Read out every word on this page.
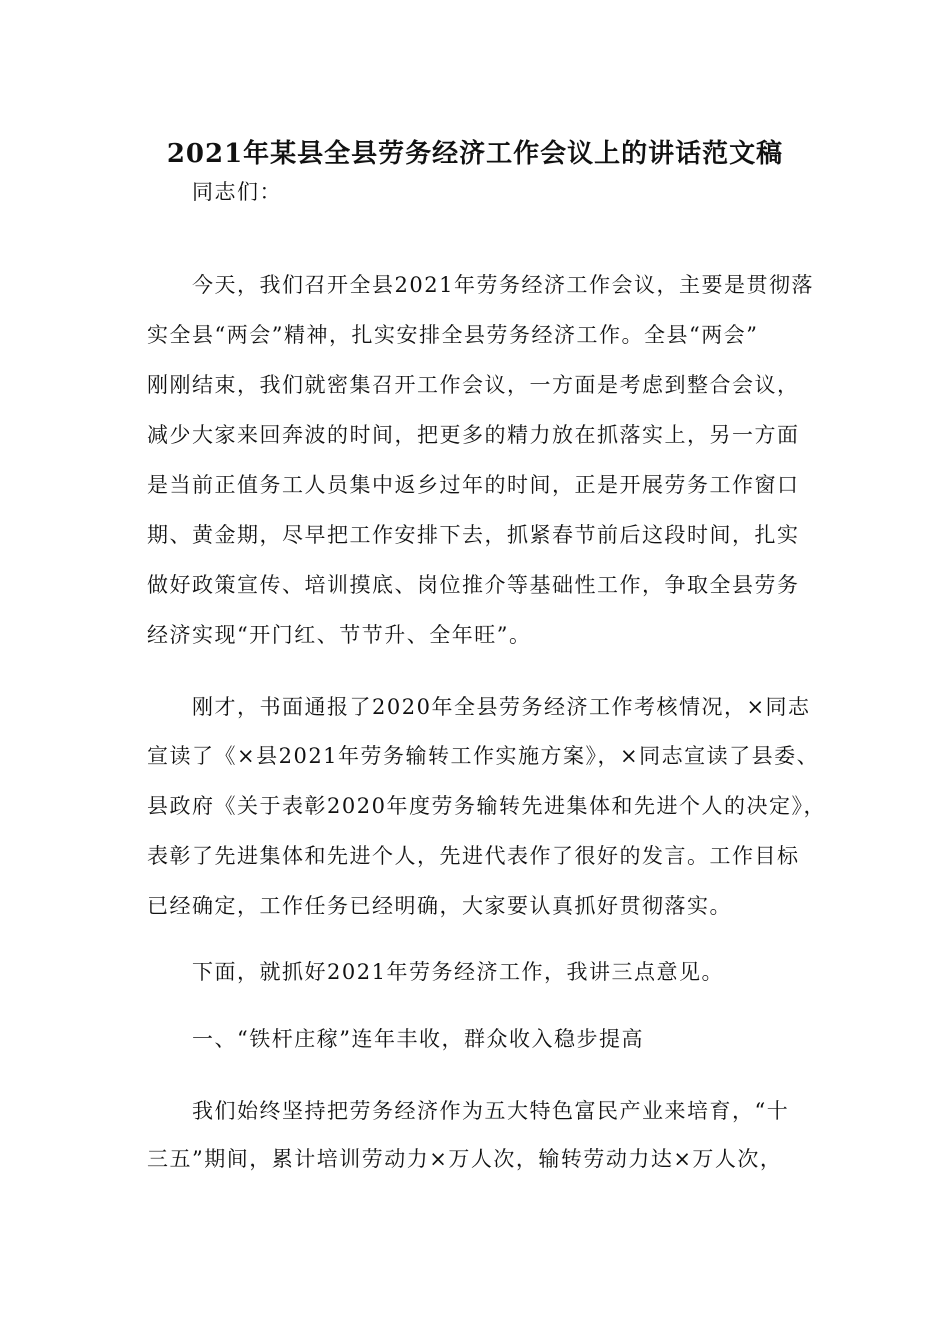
2021年某县全县劳务经济工作会议上的讲话范文稿
同志们：
今天，我们召开全县2021年劳务经济工作会议，主要是贯彻落
实全县“两会”精神，扎实安排全县劳务经济工作。全县“两会”
刚刚结束，我们就密集召开工作会议，一方面是考虑到整合会议，
减少大家来回奔波的时间，把更多的精力放在抓落实上，另一方面
是当前正值务工人员集中返乡过年的时间，正是开展劳务工作窗口
期、黄金期，尽早把工作安排下去，抓紧春节前后这段时间，扎实
做好政策宣传、培训摸底、岗位推介等基础性工作，争取全县劳务
经济实现“开门红、节节升、全年旺”。
刚才，书面通报了2020年全县劳务经济工作考核情况，×同志
宣读了《×县2021年劳务输转工作实施方案》，×同志宣读了县委、
县政府《关于表彰2020年度劳务输转先进集体和先进个人的决定》，
表彰了先进集体和先进个人，先进代表作了很好的发言。工作目标
已经确定，工作任务已经明确，大家要认真抓好贯彻落实。
下面，就抓好2021年劳务经济工作，我讲三点意见。
一、“铁杆庄稼”连年丰收，群众收入稳步提高
我们始终坚持把劳务经济作为五大特色富民产业来培育，“十
三五”期间，累计培训劳动力×万人次，输转劳动力达×万人次，
